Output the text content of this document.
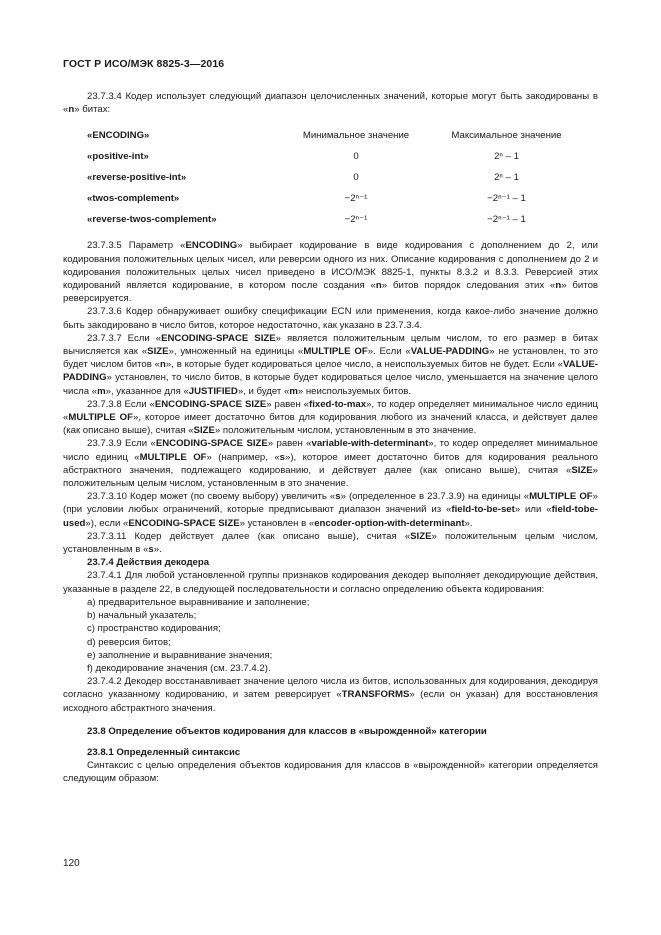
ГОСТ Р ИСО/МЭК 8825-3—2016

23.7.3.4 Кодер использует следующий диапазон целочисленных значений, которые могут быть закодированы в «n» битах:

«ENCODING»	Минимальное значение	Максимальное значение
«positive-int»	0	2ⁿ – 1
«reverse-positive-int»	0	2ⁿ – 1
«twos-complement»	−2ⁿ⁻¹	−2ⁿ⁻¹ – 1
«reverse-twos-complement»	−2ⁿ⁻¹	−2ⁿ⁻¹ – 1

23.7.3.5 Параметр «ENCODING» выбирает кодирование в виде кодирования с дополнением до 2, или кодирования положительных целых чисел, или реверсии одного из них. Описание кодирования с дополнением до 2 и кодирования положительных целых чисел приведено в ИСО/МЭК 8825-1, пункты 8.3.2 и 8.3.3. Реверсией этих кодирований является кодирование, в котором после создания «n» битов порядок следования этих «n» битов реверсируется.

23.7.3.6 Кодер обнаруживает ошибку спецификации ECN или применения, когда какое-либо значение должно быть закодировано в число битов, которое недостаточно, как указано в 23.7.3.4.

23.7.3.7 Если «ENCODING-SPACE SIZE» является положительным целым числом, то его размер в битах вычисляется как «SIZE», умноженный на единицы «MULTIPLE OF». Если «VALUE-PADDING» не установлен, то это будет числом битов «n», в которые будет кодироваться целое число, а неиспользуемых битов не будет. Если «VALUE-PADDING» установлен, то число битов, в которые будет кодироваться целое число, уменьшается на значение целого числа «m», указанное для «JUSTIFIED», и будет «m» неиспользуемых битов.

23.7.3.8 Если «ENCODING-SPACE SIZE» равен «fixed-to-max», то кодер определяет минимальное число единиц «MULTIPLE OF», которое имеет достаточно битов для кодирования любого из значений класса, и действует далее (как описано выше), считая «SIZE» положительным числом, установленным в это значение.

23.7.3.9 Если «ENCODING-SPACE SIZE» равен «variable-with-determinant», то кодер определяет минимальное число единиц «MULTIPLE OF» (например, «s»), которое имеет достаточно битов для кодирования реального абстрактного значения, подлежащего кодированию, и действует далее (как описано выше), считая «SIZE» положительным целым числом, установленным в это значение.

23.7.3.10 Кодер может (по своему выбору) увеличить «s» (определенное в 23.7.3.9) на единицы «MULTIPLE OF» (при условии любых ограничений, которые предписывают диапазон значений из «field-to-be-set» или «field-tobe-used»), если «ENCODING-SPACE SIZE» установлен в «encoder-option-with-determinant».

23.7.3.11 Кодер действует далее (как описано выше), считая «SIZE» положительным целым числом, установленным в «s».

23.7.4 Действия декодера

23.7.4.1 Для любой установленной группы признаков кодирования декодер выполняет декодирующие действия, указанные в разделе 22, в следующей последовательности и согласно определению объекта кодирования:

a) предварительное выравнивание и заполнение;

b) начальный указатель;

c) пространство кодирования;

d) реверсия битов;

e) заполнение и выравнивание значения;

f) декодирование значения (см. 23.7.4.2).

23.7.4.2 Декодер восстанавливает значение целого числа из битов, использованных для кодирования, декодируя согласно указанному кодированию, и затем реверсирует «TRANSFORMS» (если он указан) для восстановления исходного абстрактного значения.

23.8 Определение объектов кодирования для классов в «вырожденной» категории

23.8.1 Определенный синтаксис

Синтаксис с целью определения объектов кодирования для классов в «вырожденной» категории определяется следующим образом:

120
